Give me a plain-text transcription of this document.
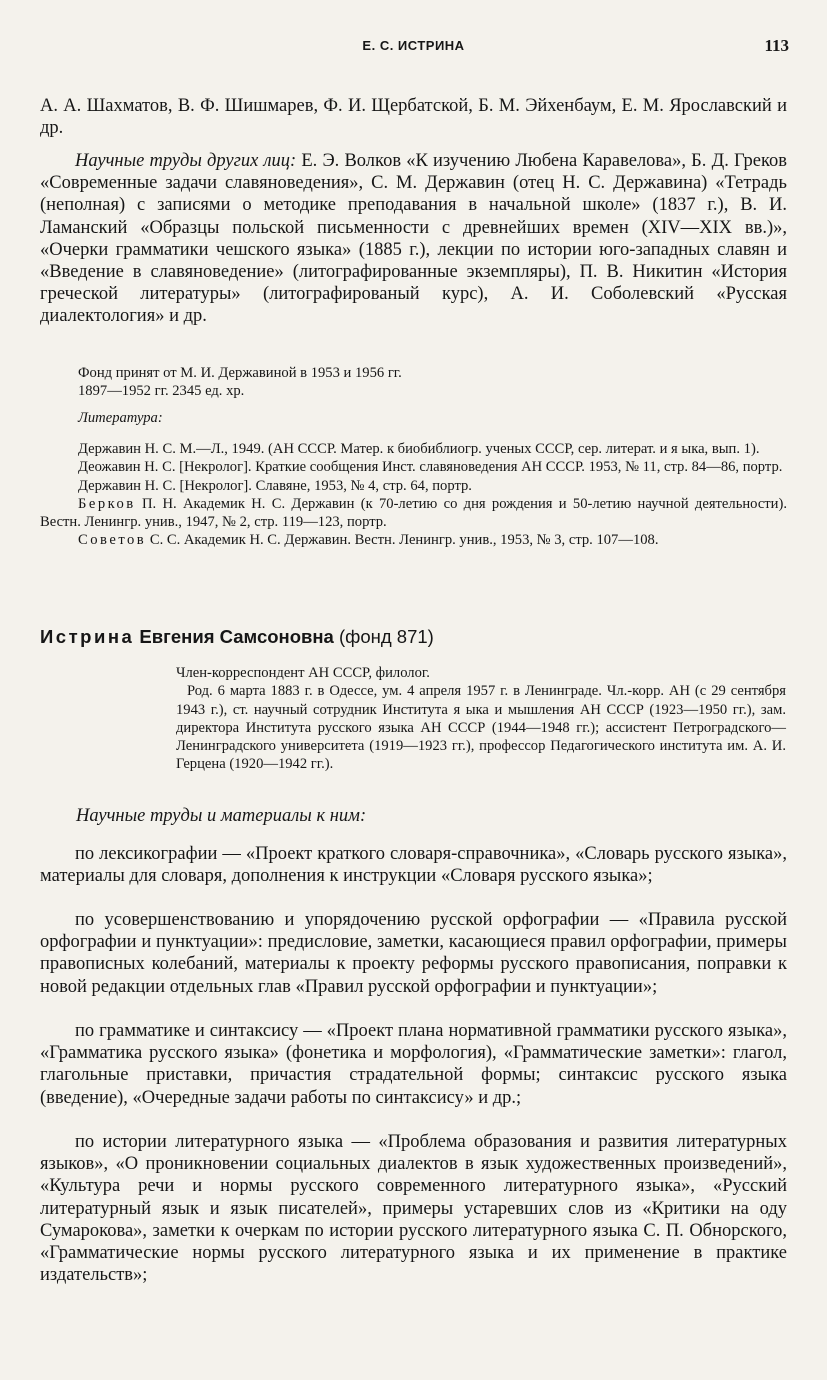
Е. С. ИСТРИНА	113

А. А. Шахматов, В. Ф. Шишмарев, Ф. И. Щербатской, Б. М. Эйхенбаум, Е. М. Ярославский и др.

Научные труды других лиц: Е. Э. Волков «К изучению Любена Каравелова», Б. Д. Греков «Современные задачи славяноведения», С. М. Державин (отец Н. С. Державина) «Тетрадь (неполная) с записями о методике преподавания в начальной школе» (1837 г.), В. И. Ламанский «Образцы польской письменности с древнейших времен (XIV—XIX вв.)», «Очерки грамматики чешского языка» (1885 г.), лекции по истории юго-западных славян и «Введение в славяноведение» (литографированные экземпляры), П. В. Никитин «История греческой литературы» (литографированый курс), А. И. Соболевский «Русская диалектология» и др.

Фонд принят от М. И. Державиной в 1953 и 1956 гг.
1897—1952 гг. 2345 ед. хр.
Литература:
Державин Н. С. М.—Л., 1949. (АН СССР. Матер. к биобиблиогр. ученых СССР, сер. литерат. и я ыка, вып. 1).
Деожавин Н. С. [Некролог]. Краткие сообщения Инст. славяноведения АН СССР. 1953, № 11, стр. 84—86, портр.
Державин Н. С. [Некролог]. Славяне, 1953, № 4, стр. 64, портр.
Берков П. Н. Академик Н. С. Державин (к 70-летию со дня рождения и 50-летию научной деятельности). Вестн. Ленингр. унив., 1947, № 2, стр. 119—123, портр.
Советов С. С. Академик Н. С. Державин. Вестн. Ленингр. унив., 1953, № 3, стр. 107—108.
Истрина Евгения Самсоновна (фонд 871)

Член-корреспондент АН СССР, филолог.

Род. 6 марта 1883 г. в Одессе, ум. 4 апреля 1957 г. в Ленинграде. Чл.-корр. АН (с 29 сентября 1943 г.), ст. научный сотрудник Института я ыка и мышления АН СССР (1923—1950 гг.), зам. директора Института русского языка АН СССР (1944—1948 гг.); ассистент Петроградского—Ленинградского университета (1919—1923 гг.), профессор Педагогического института им. А. И. Герцена (1920—1942 гг.).

Научные труды и материалы к ним:

по лексикографии — «Проект краткого словаря-справочника», «Словарь русского языка», материалы для словаря, дополнения к инструкции «Словаря русского языка»;

по усовершенствованию и упорядочению русской орфографии — «Правила русской орфографии и пунктуации»: предисловие, заметки, касающиеся правил орфографии, примеры правописных колебаний, материалы к проекту реформы русского правописания, поправки к новой редакции отдельных глав «Правил русской орфографии и пунктуации»;

по грамматике и синтаксису — «Проект плана нормативной грамматики русского языка», «Грамматика русского языка» (фонетика и морфология), «Грамматические заметки»: глагол, глагольные приставки, причастия страдательной формы; синтаксис русского языка (введение), «Очередные задачи работы по синтаксису» и др.;

по истории литературного языка — «Проблема образования и развития литературных языков», «О проникновении социальных диалектов в язык художественных произведений», «Культура речи и нормы русского современного литературного языка», «Русский литературный язык и язык писателей», примеры устаревших слов из «Критики на оду Сумарокова», заметки к очеркам по истории русского литературного языка С. П. Обнорского, «Грамматические нормы русского литературного языка и их применение в практике издательств»;
